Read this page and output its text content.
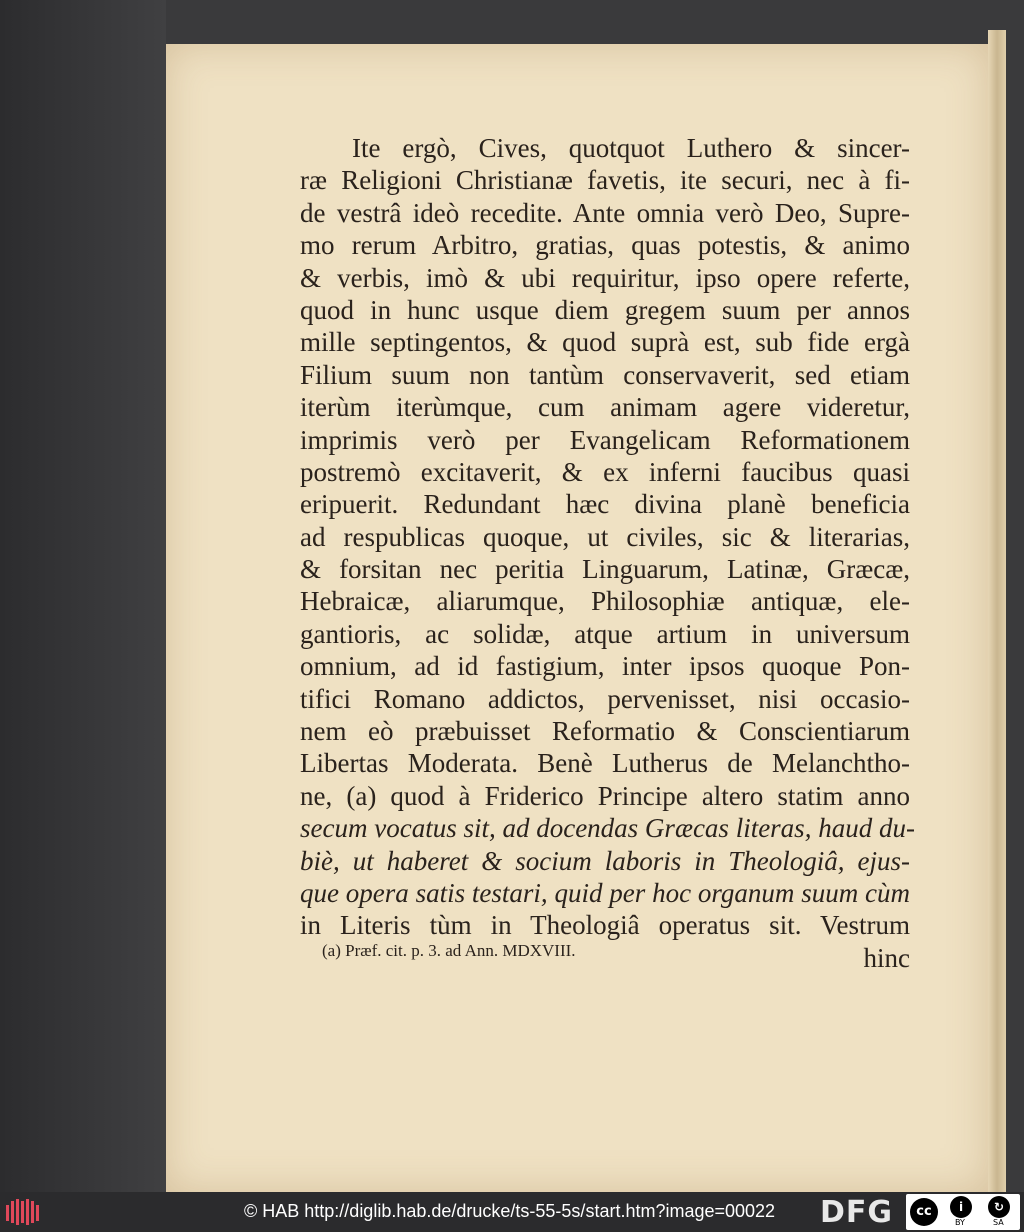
Ite ergò, Cives, quotquot Luthero & sincer-
ræ Religioni Christianæ favetis, ite securi, nec à fi-
de vestrâ ideò recedite. Ante omnia verò Deo, Supre-
mo rerum Arbitro, gratias, quas potestis, & animo
& verbis, imò & ubi requiritur, ipso opere referte,
quod in hunc usque diem gregem suum per annos
mille septingentos, & quod suprà est, sub fide ergà
Filium suum non tantùm conservaverit, sed etiam
iterùm iterùmque, cum animam agere videretur,
imprimis verò per Evangelicam Reformationem
postremò excitaverit, & ex inferni faucibus quasi
eripuerit. Redundant hæc divina planè beneficia
ad respublicas quoque, ut civiles, sic & literarias,
& forsitan nec peritia Linguarum, Latinæ, Græcæ,
Hebraicæ, aliarumque, Philosophiæ antiquæ, ele-
gantioris, ac solidæ, atque artium in universum
omnium, ad id fastigium, inter ipsos quoque Pon-
tifici Romano addictos, pervenisset, nisi occasio-
nem eò præbuisset Reformatio & Conscientiarum
Libertas Moderata. Benè Lutherus de Melanchtho-
ne, (a) quod à Friderico Principe altero statim anno
secum vocatus sit, ad docendas Græcas literas, haud du-
biè, ut haberet & socium laboris in Theologiâ, ejus-
que opera satis testari, quid per hoc organum suum cùm
in Literis tùm in Theologiâ operatus sit. Vestrum
hinc
(a) Præf. cit. p. 3. ad Ann. MDXVIII.
© HAB http://diglib.hab.de/drucke/ts-55-5s/start.htm?image=00022 DFG	cc	i	↻
BY	SA
